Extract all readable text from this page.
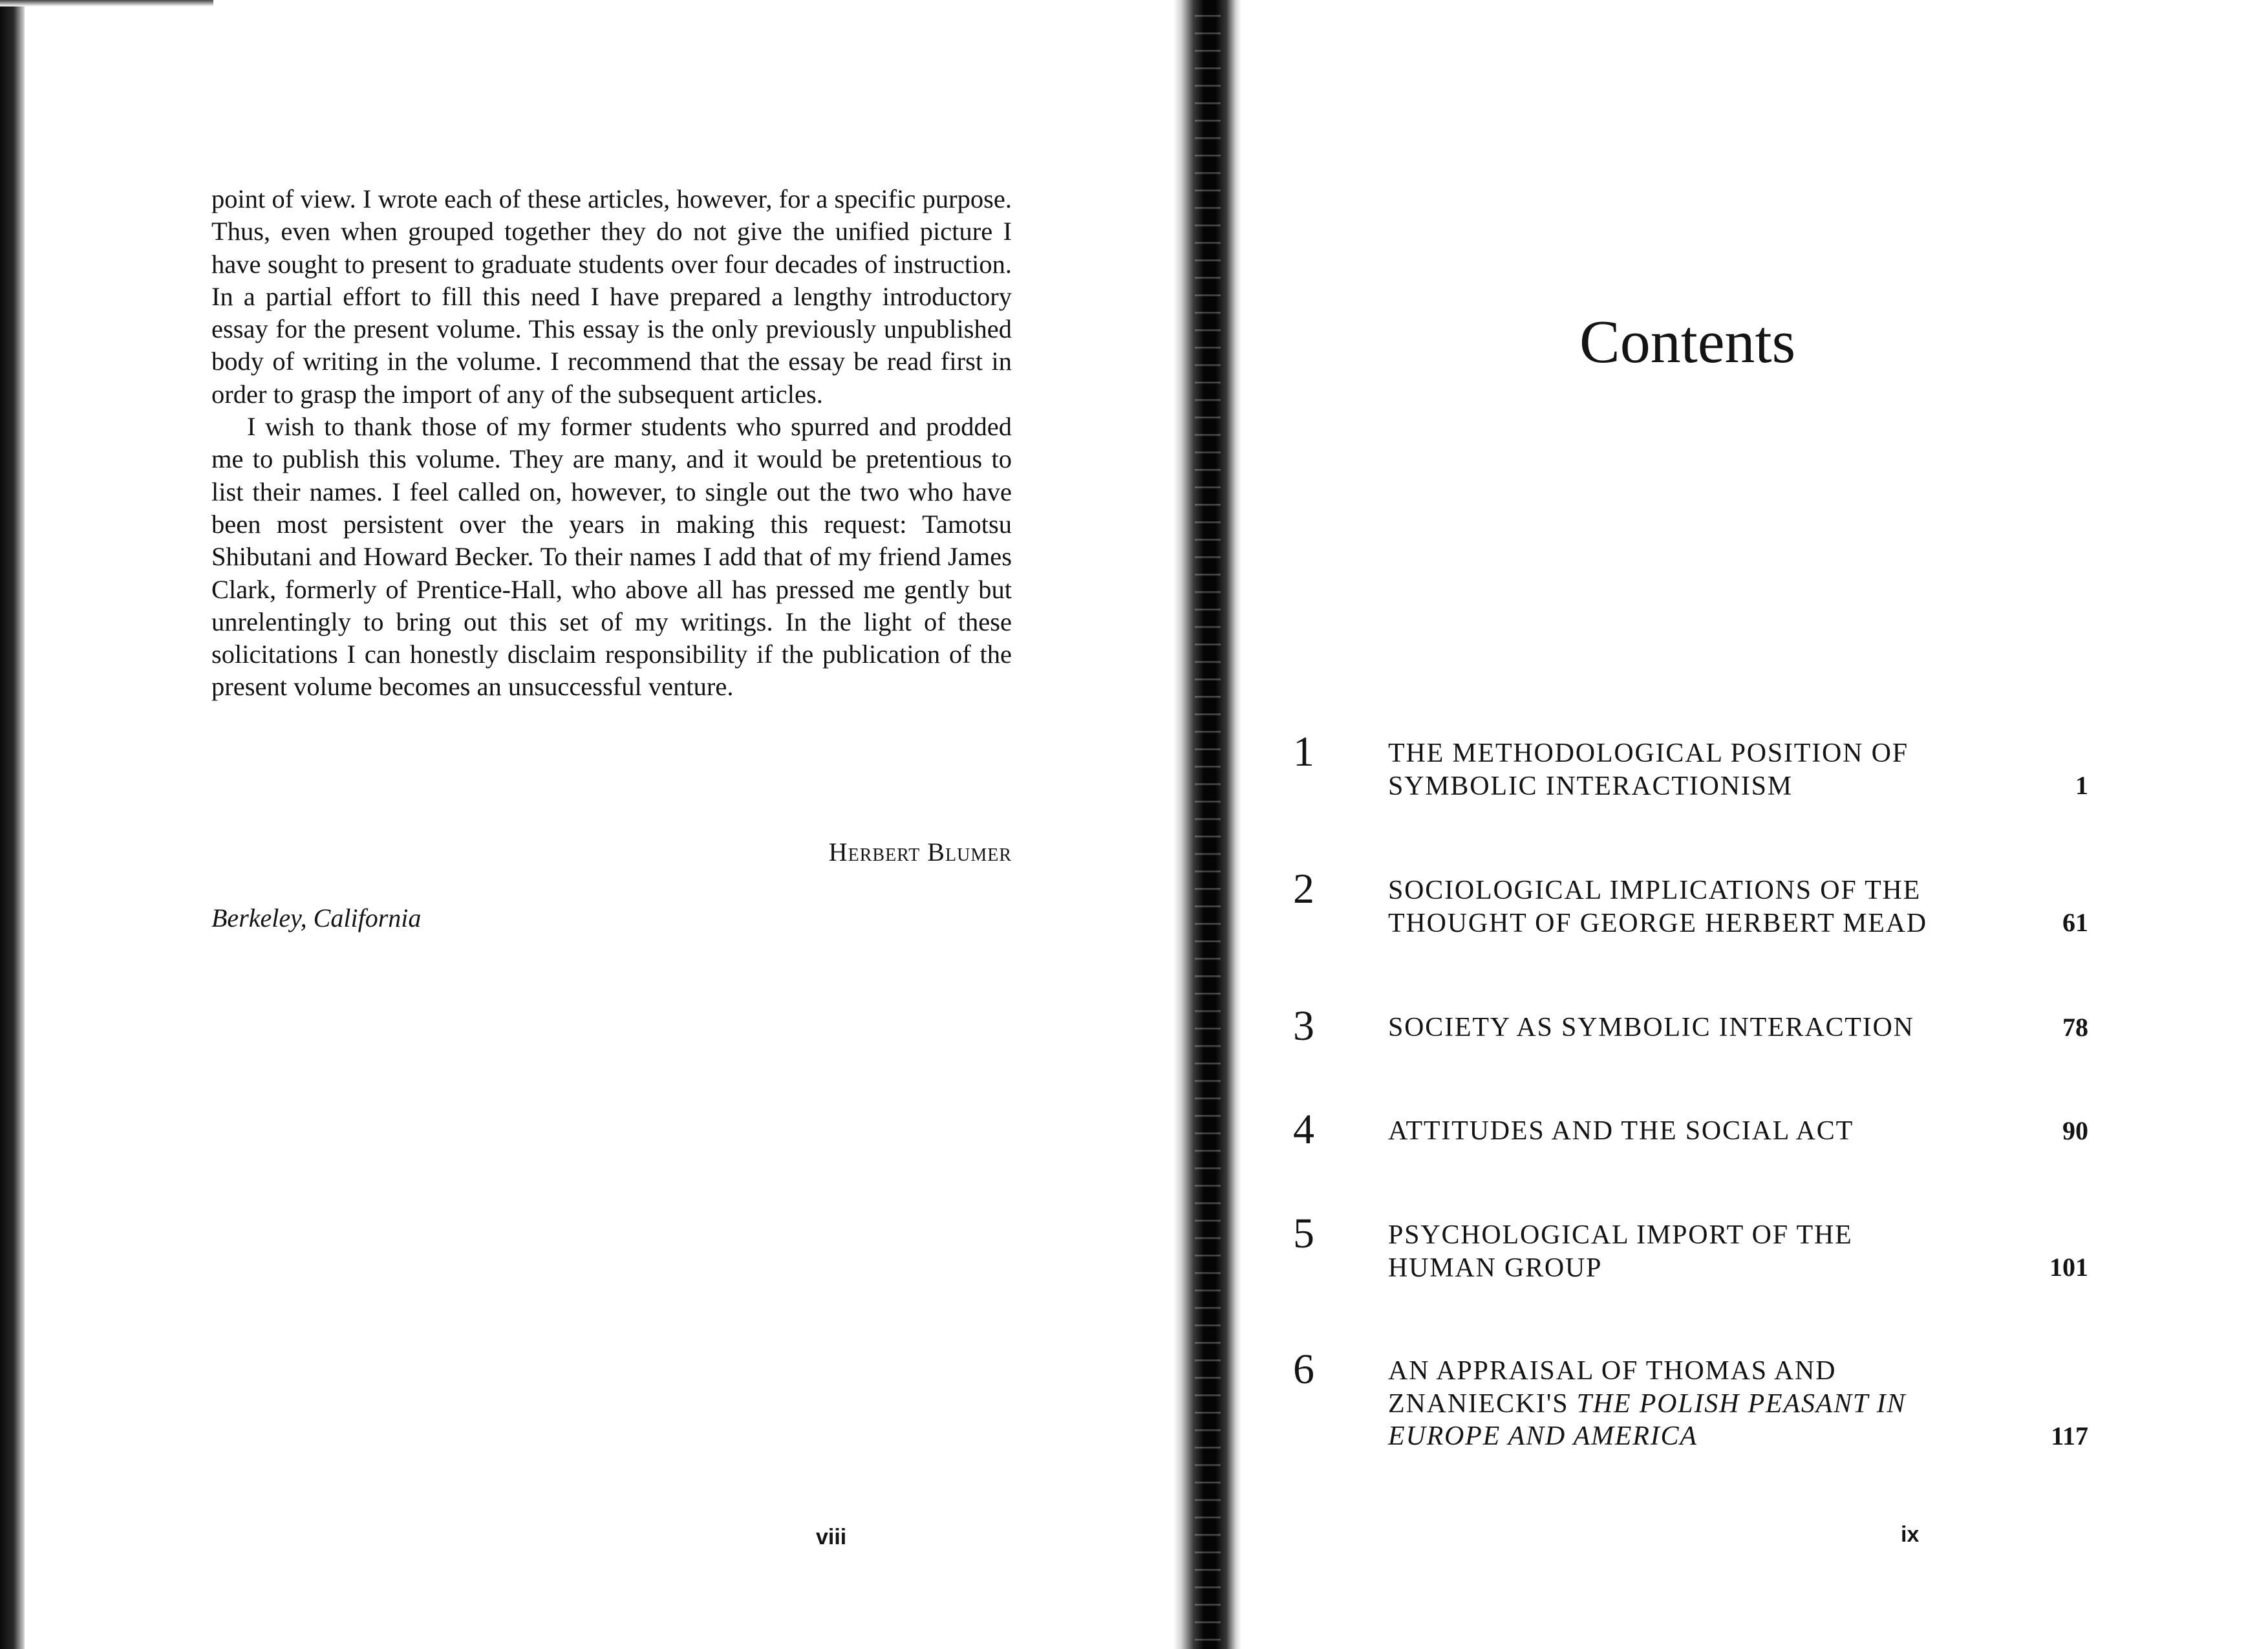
point of view. I wrote each of these articles, however, for a specific purpose. Thus, even when grouped together they do not give the unified picture I have sought to present to graduate students over four decades of instruction. In a partial effort to fill this need I have prepared a lengthy introductory essay for the present volume. This essay is the only previously unpublished body of writing in the volume. I recommend that the essay be read first in order to grasp the import of any of the subsequent articles.

I wish to thank those of my former students who spurred and prodded me to publish this volume. They are many, and it would be pretentious to list their names. I feel called on, however, to single out the two who have been most persistent over the years in making this request: Tamotsu Shibutani and Howard Becker. To their names I add that of my friend James Clark, formerly of Prentice-Hall, who above all has pressed me gently but unrelentingly to bring out this set of my writings. In the light of these solicitations I can honestly disclaim responsibility if the publication of the present volume becomes an unsuccessful venture.

Herbert Blumer
Berkeley, California
viii
Contents
1	THE METHODOLOGICAL POSITION OF
SYMBOLIC INTERACTIONISM	1
2	SOCIOLOGICAL IMPLICATIONS OF THE
THOUGHT OF GEORGE HERBERT MEAD	61
3	SOCIETY AS SYMBOLIC INTERACTION	78
4	ATTITUDES AND THE SOCIAL ACT	90
5	PSYCHOLOGICAL IMPORT OF THE
HUMAN GROUP	101
6	AN APPRAISAL OF THOMAS AND
ZNANIECKI'S THE POLISH PEASANT IN
EUROPE AND AMERICA	117
ix
